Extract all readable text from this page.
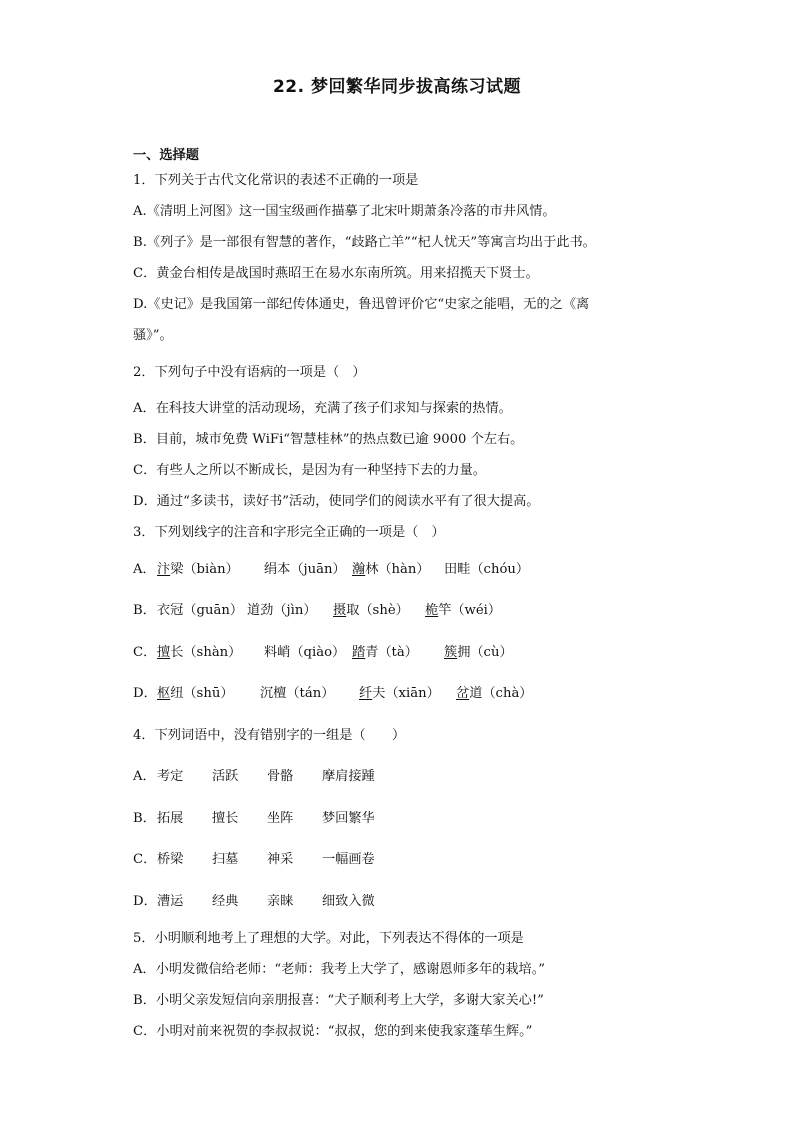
22. 梦回繁华同步拔高练习试题
一、选择题
1．下列关于古代文化常识的表述不正确的一项是
A.《清明上河图》这一国宝级画作描摹了北宋叶期萧条冷落的市井风情。
B.《列子》是一部很有智慧的著作，“歧路亡羊”“杞人忧天”等寓言均出于此书。
C．黄金台相传是战国时燕昭王在易水东南所筑。用来招揽天下贤士。
D.《史记》是我国第一部纪传体通史，鲁迅曾评价它“史家之能唱，无的之《离
骚》”。
2．下列句子中没有语病的一项是（　）
A．在科技大讲堂的活动现场，充满了孩子们求知与探索的热情。
B．目前，城市免费 WiFi“智慧桂林”的热点数已逾 9000 个左右。
C．有些人之所以不断成长，是因为有一种坚持下去的力量。
D．通过“多读书，读好书”活动，使同学们的阅读水平有了很大提高。
3．下列划线字的注音和字形完全正确的一项是（　）
A． 汴梁（biàn） 绢本（juān） 瀚林（hàn） 田畦（chóu）
B． 衣冠（guān） 道劲（jìn） 摄取（shè） 桅竿（wéi）
C． 擅长（shàn） 料峭（qiào） 踏青（tà） 簇拥（cù）
D． 枢纽（shū） 沉檀（tán） 纤夫（xiān） 岔道（chà）
4．下列词语中，没有错别字的一组是（　　）
A． 考定 活跃 骨骼 摩肩接踵
B． 拓展 擅长 坐阵 梦回繁华
C． 桥梁 扫墓 神采 一幅画卷
D． 漕运 经典 亲睐 细致入微
5．小明顺利地考上了理想的大学。对此，下列表达不得体的一项是
A．小明发微信给老师：“老师：我考上大学了，感谢恩师多年的栽培。”
B．小明父亲发短信向亲朋报喜：“犬子顺利考上大学，多谢大家关心!”
C．小明对前来祝贺的李叔叔说：“叔叔，您的到来使我家蓬荜生辉。”
